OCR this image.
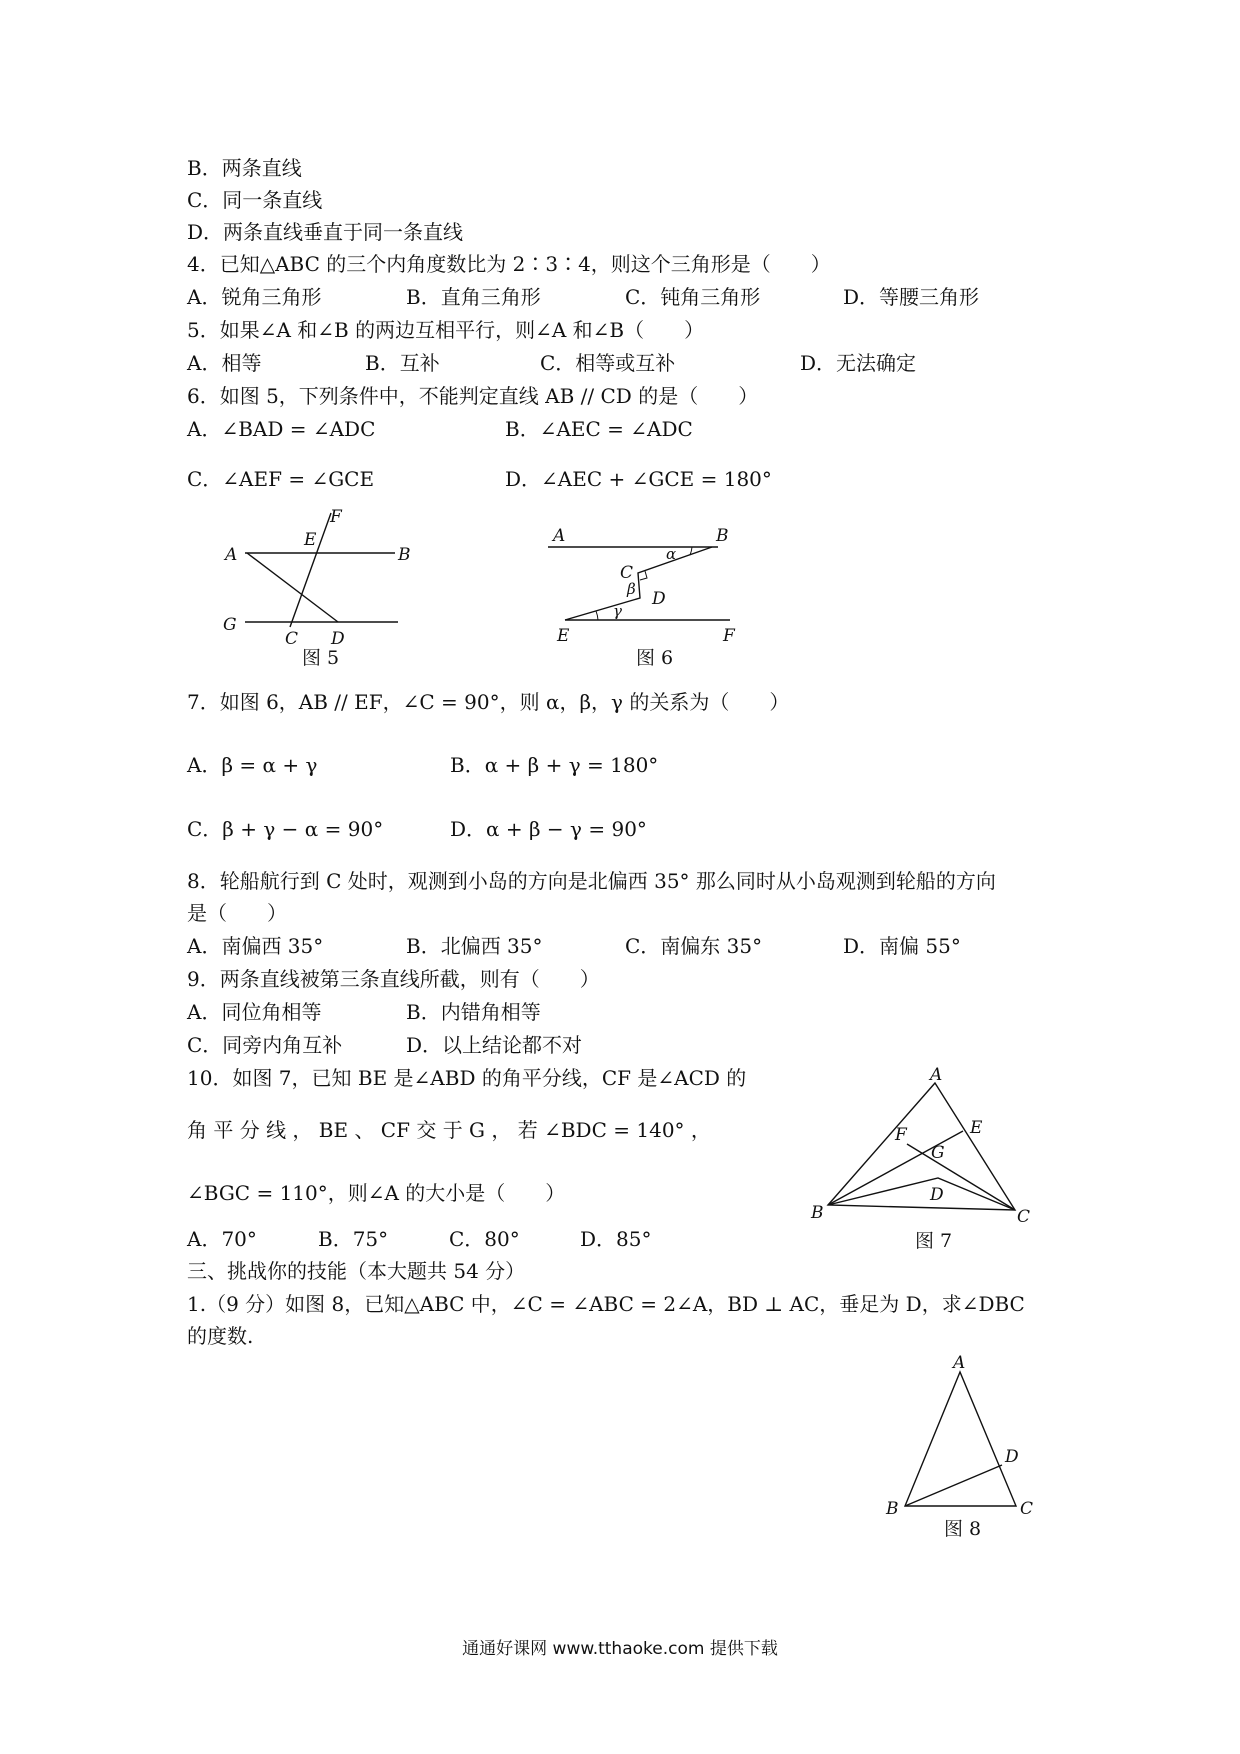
B．两条直线
C．同一条直线
D．两条直线垂直于同一条直线
4．已知△ABC 的三个内角度数比为 2∶3∶4，则这个三角形是（　　）
A．锐角三角形	B．直角三角形	C．钝角三角形	D．等腰三角形
5．如果∠A 和∠B 的两边互相平行，则∠A 和∠B（　　）
A．相等	B．互补	C．相等或互补	D．无法确定
6．如图 5，下列条件中，不能判定直线 AB // CD 的是（　　）
A．∠BAD = ∠ADC	B．∠AEC = ∠ADC
C．∠AEF = ∠GCE	D．∠AEC + ∠GCE = 180°
A	B
E
F
G
C D
图 5
A	B
C
D
E	F
α
β
γ
图 6
7．如图 6，AB // EF，∠C = 90°，则 α，β，γ 的关系为（　　）
A．β = α + γ	B．α + β + γ = 180°
C．β + γ − α = 90°	D．α + β − γ = 90°
8．轮船航行到 C 处时，观测到小岛的方向是北偏西 35° 那么同时从小岛观测到轮船的方向
是（　　）
A．南偏西 35°	B．北偏西 35°	C．南偏东 35°	D．南偏 55°
9．两条直线被第三条直线所截，则有（　　）
A．同位角相等	B．内错角相等
C．同旁内角互补	D．以上结论都不对
10．如图 7，已知 BE 是∠ABD 的角平分线，CF 是∠ACD 的
角 平 分 线 ， BE 、 CF 交 于 G ， 若 ∠BDC = 140° ，
∠BGC = 110°，则∠A 的大小是（　　）
A．70°	B．75°	C．80°	D．85°
A
F	E
G
D
B	C
图 7
三、挑战你的技能（本大题共 54 分）
1.（9 分）如图 8，已知△ABC 中，∠C = ∠ABC = 2∠A，BD ⊥ AC，垂足为 D，求∠DBC
的度数.
A
D
B	C
图 8
通通好课网 www.tthaoke.com 提供下载
